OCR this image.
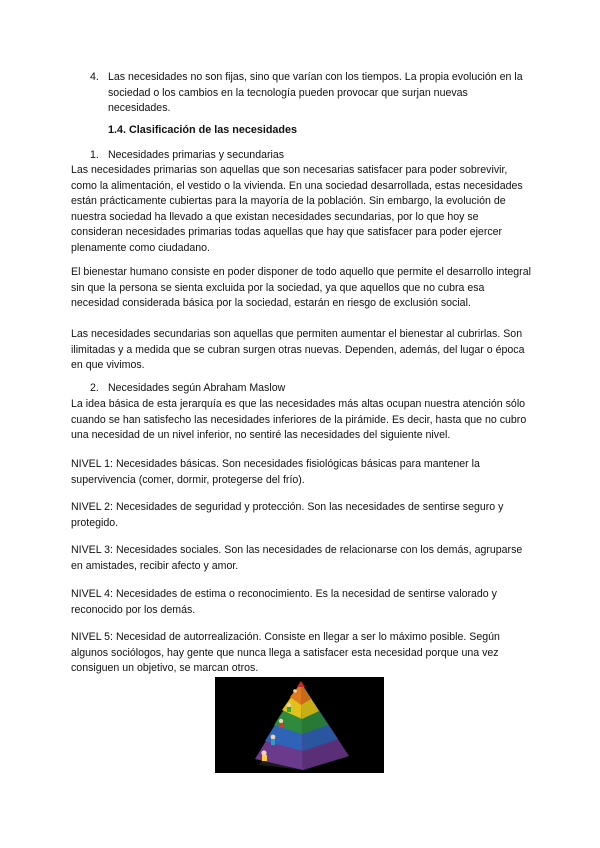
4. Las necesidades no son fijas, sino que varían con los tiempos. La propia evolución en la sociedad o los cambios en la tecnología pueden provocar que surjan nuevas necesidades.
1.4. Clasificación de las necesidades
1. Necesidades primarias y secundarias

Las necesidades primarias son aquellas que son necesarias satisfacer para poder sobrevivir, como la alimentación, el vestido o la vivienda. En una sociedad desarrollada, estas necesidades están prácticamente cubiertas para la mayoría de la población. Sin embargo, la evolución de nuestra sociedad ha llevado a que existan necesidades secundarias, por lo que hoy se consideran necesidades primarias todas aquellas que hay que satisfacer para poder ejercer plenamente como ciudadano.

El bienestar humano consiste en poder disponer de todo aquello que permite el desarrollo integral sin que la persona se sienta excluida por la sociedad, ya que aquellos que no cubra esa necesidad considerada básica por la sociedad, estarán en riesgo de exclusión social.

Las necesidades secundarias son aquellas que permiten aumentar el bienestar al cubrirlas. Son ilimitadas y a medida que se cubran surgen otras nuevas. Dependen, además, del lugar o época en que vivimos.

2. Necesidades según Abraham Maslow

La idea básica de esta jerarquía es que las necesidades más altas ocupan nuestra atención sólo cuando se han satisfecho las necesidades inferiores de la pirámide. Es decir, hasta que no cubro una necesidad de un nivel inferior, no sentiré las necesidades del siguiente nivel.

NIVEL 1: Necesidades básicas. Son necesidades fisiológicas básicas para mantener la supervivencia (comer, dormir, protegerse del frío).

NIVEL 2: Necesidades de seguridad y protección. Son las necesidades de sentirse seguro y protegido.

NIVEL 3: Necesidades sociales. Son las necesidades de relacionarse con los demás, agruparse en amistades, recibir afecto y amor.

NIVEL 4: Necesidades de estima o reconocimiento. Es la necesidad de sentirse valorado y reconocido por los demás.

NIVEL 5: Necesidad de autorrealización. Consiste en llegar a ser lo máximo posible. Según algunos sociólogos, hay gente que nunca llega a satisfacer esta necesidad porque una vez consiguen un objetivo, se marcan otros.
